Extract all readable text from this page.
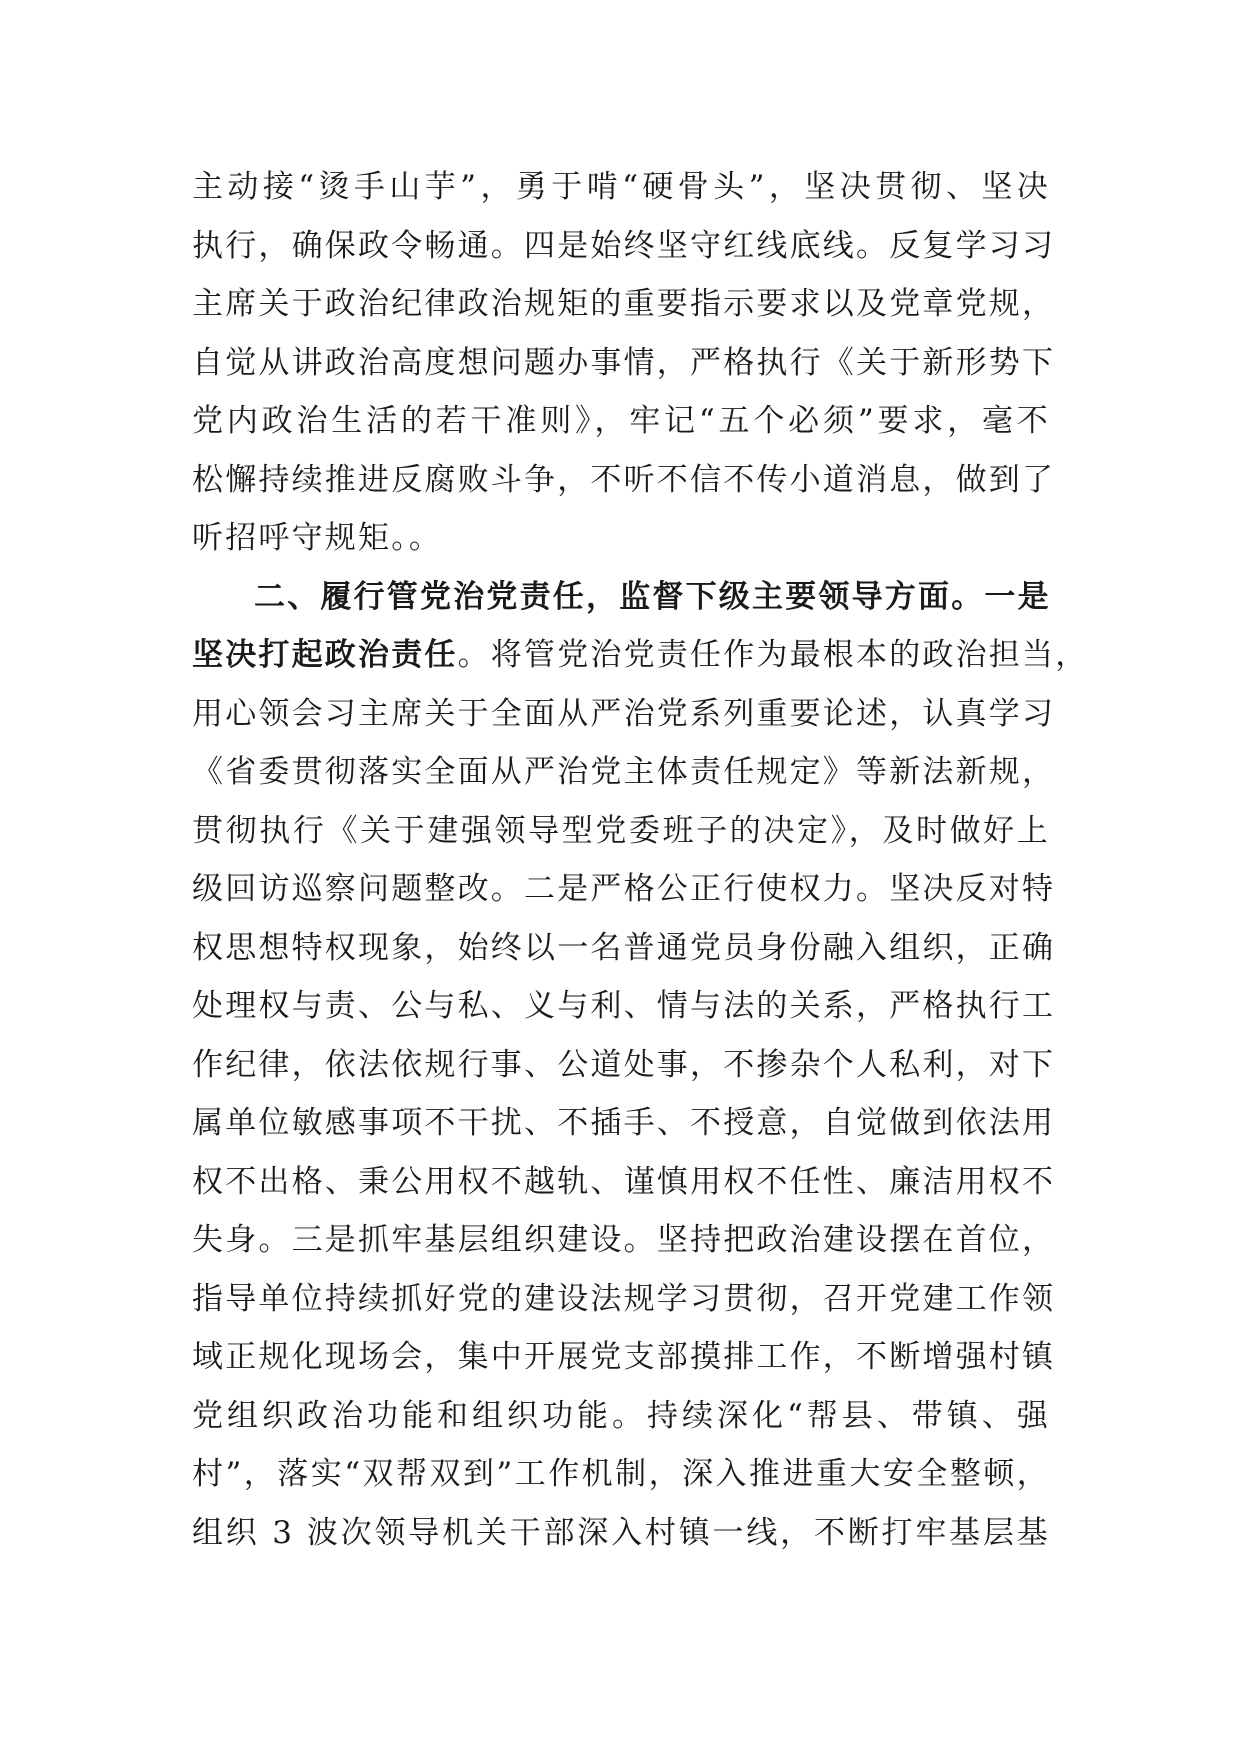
主动接“烫手山芋”，勇于啃“硬骨头”，坚决贯彻、坚决
执行，确保政令畅通。四是始终坚守红线底线。反复学习习
主席关于政治纪律政治规矩的重要指示要求以及党章党规，
自觉从讲政治高度想问题办事情，严格执行《关于新形势下
党内政治生活的若干准则》，牢记“五个必须”要求，毫不
松懈持续推进反腐败斗争，不听不信不传小道消息，做到了
听招呼守规矩。。
二、履行管党治党责任，监督下级主要领导方面。一是
坚决打起政治责任。将管党治党责任作为最根本的政治担当，
用心领会习主席关于全面从严治党系列重要论述，认真学习
《省委贯彻落实全面从严治党主体责任规定》等新法新规，
贯彻执行《关于建强领导型党委班子的决定》，及时做好上
级回访巡察问题整改。二是严格公正行使权力。坚决反对特
权思想特权现象，始终以一名普通党员身份融入组织，正确
处理权与责、公与私、义与利、情与法的关系，严格执行工
作纪律，依法依规行事、公道处事，不掺杂个人私利，对下
属单位敏感事项不干扰、不插手、不授意，自觉做到依法用
权不出格、秉公用权不越轨、谨慎用权不任性、廉洁用权不
失身。三是抓牢基层组织建设。坚持把政治建设摆在首位，
指导单位持续抓好党的建设法规学习贯彻，召开党建工作领
域正规化现场会，集中开展党支部摸排工作，不断增强村镇
党组织政治功能和组织功能。持续深化“帮县、带镇、强
村”，落实“双帮双到”工作机制，深入推进重大安全整顿，
组织 3 波次领导机关干部深入村镇一线，不断打牢基层基
